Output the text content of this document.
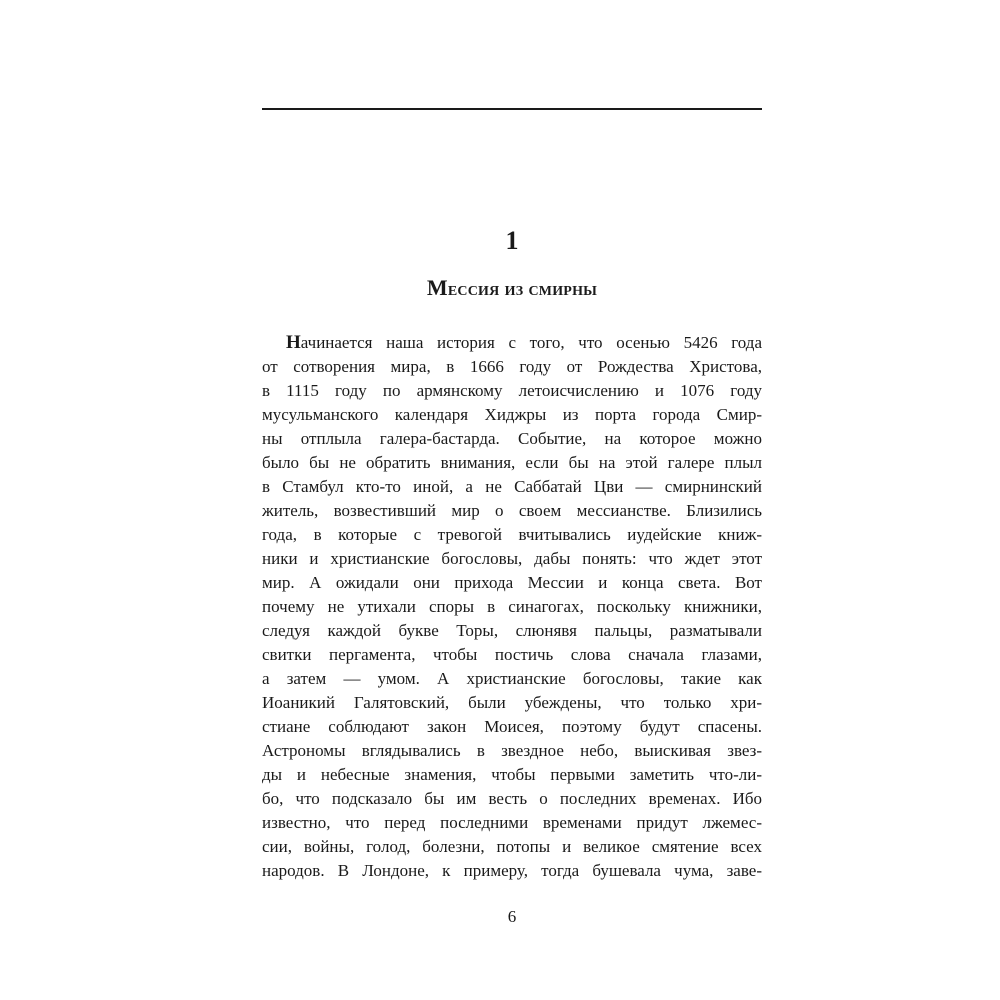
1
Мессия из смирны
Начинается наша история с того, что осенью 5426 года
от сотворения мира, в 1666 году от Рождества Христова,
в 1115 году по армянскому летоисчислению и 1076 году
мусульманского календаря Хиджры из порта города Смир-
ны отплыла галера-бастарда. Событие, на которое можно
было бы не обратить внимания, если бы на этой галере плыл
в Стамбул кто-то иной, а не Саббатай Цви — смирнинский
житель, возвестивший мир о своем мессианстве. Близились
года, в которые с тревогой вчитывались иудейские книж-
ники и христианские богословы, дабы понять: что ждет этот
мир. А ожидали они прихода Мессии и конца света. Вот
почему не утихали споры в синагогах, поскольку книжники,
следуя каждой букве Торы, слюнявя пальцы, разматывали
свитки пергамента, чтобы постичь слова сначала глазами,
а затем — умом. А христианские богословы, такие как
Иоаникий Галятовский, были убеждены, что только хри-
стиане соблюдают закон Моисея, поэтому будут спасены.
Астрономы вглядывались в звездное небо, выискивая звез-
ды и небесные знамения, чтобы первыми заметить что-ли-
бо, что подсказало бы им весть о последних временах. Ибо
известно, что перед последними временами придут лжемес-
сии, войны, голод, болезни, потопы и великое смятение всех
народов. В Лондоне, к примеру, тогда бушевала чума, заве-
6
